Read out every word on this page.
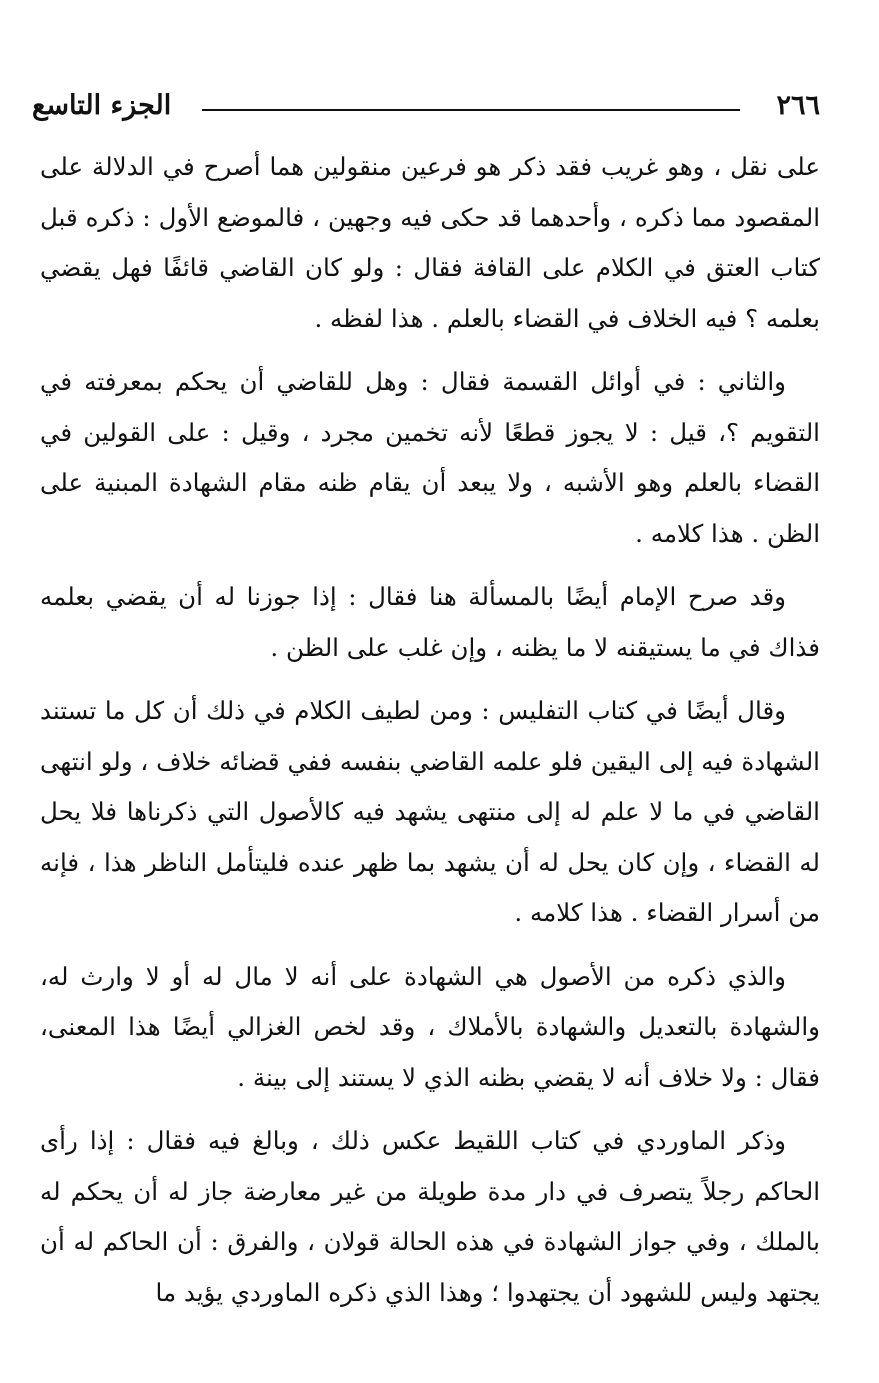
٢٦٦
الجزء التاسع

على نقل ، وهو غريب فقد ذكر هو فرعين منقولين هما أصرح في الدلالة على المقصود مما ذكره ، وأحدهما قد حكى فيه وجهين ، فالموضع الأول : ذكره قبل كتاب العتق في الكلام على القافة فقال : ولو كان القاضي قائفًا فهل يقضي بعلمه ؟ فيه الخلاف في القضاء بالعلم . هذا لفظه .

والثاني : في أوائل القسمة فقال : وهل للقاضي أن يحكم بمعرفته في التقويم ؟، قيل : لا يجوز قطعًا لأنه تخمين مجرد ، وقيل : على القولين في القضاء بالعلم وهو الأشبه ، ولا يبعد أن يقام ظنه مقام الشهادة المبنية على الظن . هذا كلامه .

وقد صرح الإمام أيضًا بالمسألة هنا فقال : إذا جوزنا له أن يقضي بعلمه فذاك في ما يستيقنه لا ما يظنه ، وإن غلب على الظن .

وقال أيضًا في كتاب التفليس : ومن لطيف الكلام في ذلك أن كل ما تستند الشهادة فيه إلى اليقين فلو علمه القاضي بنفسه ففي قضائه خلاف ، ولو انتهى القاضي في ما لا علم له إلى منتهى يشهد فيه كالأصول التي ذكرناها فلا يحل له القضاء ، وإن كان يحل له أن يشهد بما ظهر عنده فليتأمل الناظر هذا ، فإنه من أسرار القضاء . هذا كلامه .

والذي ذكره من الأصول هي الشهادة على أنه لا مال له أو لا وارث له، والشهادة بالتعديل والشهادة بالأملاك ، وقد لخص الغزالي أيضًا هذا المعنى، فقال : ولا خلاف أنه لا يقضي بظنه الذي لا يستند إلى بينة .

وذكر الماوردي في كتاب اللقيط عكس ذلك ، وبالغ فيه فقال : إذا رأى الحاكم رجلاً يتصرف في دار مدة طويلة من غير معارضة جاز له أن يحكم له بالملك ، وفي جواز الشهادة في هذه الحالة قولان ، والفرق : أن الحاكم له أن يجتهد وليس للشهود أن يجتهدوا ؛ وهذا الذي ذكره الماوردي يؤيد ما
